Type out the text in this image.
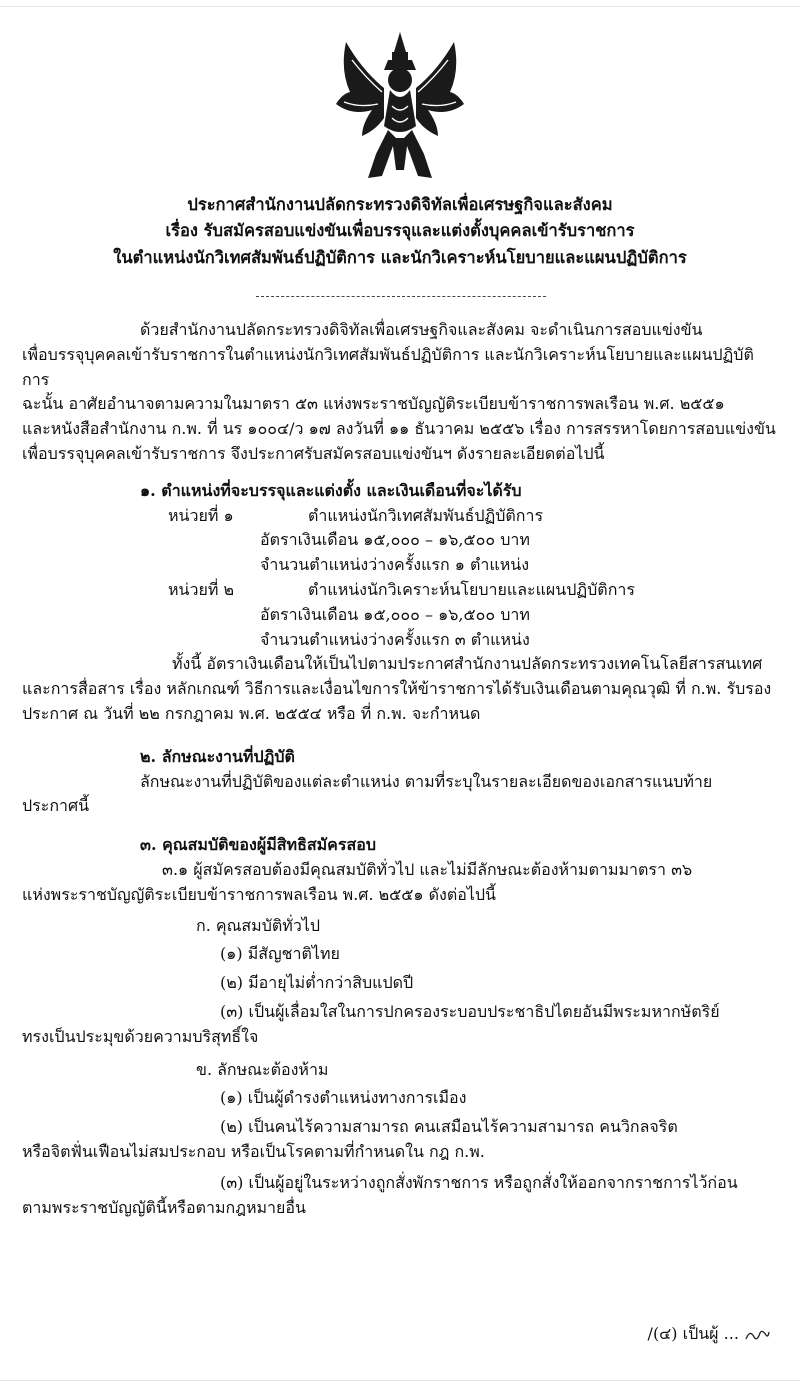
ประกาศสำนักงานปลัดกระทรวงดิจิทัลเพื่อเศรษฐกิจและสังคม
เรื่อง รับสมัครสอบแข่งขันเพื่อบรรจุและแต่งตั้งบุคคลเข้ารับราชการ
ในตำแหน่งนักวิเทศสัมพันธ์ปฏิบัติการ และนักวิเคราะห์นโยบายและแผนปฏิบัติการ

ด้วยสำนักงานปลัดกระทรวงดิจิทัลเพื่อเศรษฐกิจและสังคม จะดำเนินการสอบแข่งขัน

เพื่อบรรจุบุคคลเข้ารับราชการในตำแหน่งนักวิเทศสัมพันธ์ปฏิบัติการ และนักวิเคราะห์นโยบายและแผนปฏิบัติการ

ฉะนั้น อาศัยอำนาจตามความในมาตรา ๕๓ แห่งพระราชบัญญัติระเบียบข้าราชการพลเรือน พ.ศ. ๒๕๕๑

และหนังสือสำนักงาน ก.พ. ที่ นร ๑๐๐๔/ว ๑๗ ลงวันที่ ๑๑ ธันวาคม ๒๕๕๖ เรื่อง การสรรหาโดยการสอบแข่งขัน

เพื่อบรรจุบุคคลเข้ารับราชการ จึงประกาศรับสมัครสอบแข่งขันฯ ดังรายละเอียดต่อไปนี้

๑. ตำแหน่งที่จะบรรจุและแต่งตั้ง และเงินเดือนที่จะได้รับ

หน่วยที่ ๑	ตำแหน่งนักวิเทศสัมพันธ์ปฏิบัติการ

อัตราเงินเดือน ๑๕,๐๐๐ – ๑๖,๕๐๐ บาท

จำนวนตำแหน่งว่างครั้งแรก ๑ ตำแหน่ง

หน่วยที่ ๒	ตำแหน่งนักวิเคราะห์นโยบายและแผนปฏิบัติการ

อัตราเงินเดือน ๑๕,๐๐๐ – ๑๖,๕๐๐ บาท

จำนวนตำแหน่งว่างครั้งแรก ๓ ตำแหน่ง

ทั้งนี้ อัตราเงินเดือนให้เป็นไปตามประกาศสำนักงานปลัดกระทรวงเทคโนโลยีสารสนเทศ

และการสื่อสาร เรื่อง หลักเกณฑ์ วิธีการและเงื่อนไขการให้ข้าราชการได้รับเงินเดือนตามคุณวุฒิ ที่ ก.พ. รับรอง

ประกาศ ณ วันที่ ๒๒ กรกฎาคม พ.ศ. ๒๕๕๔ หรือ ที่ ก.พ. จะกำหนด

๒. ลักษณะงานที่ปฏิบัติ

ลักษณะงานที่ปฏิบัติของแต่ละตำแหน่ง ตามที่ระบุในรายละเอียดของเอกสารแนบท้าย

ประกาศนี้

๓. คุณสมบัติของผู้มีสิทธิสมัครสอบ

๓.๑ ผู้สมัครสอบต้องมีคุณสมบัติทั่วไป และไม่มีลักษณะต้องห้ามตามมาตรา ๓๖

แห่งพระราชบัญญัติระเบียบข้าราชการพลเรือน พ.ศ. ๒๕๕๑ ดังต่อไปนี้

ก. คุณสมบัติทั่วไป

(๑) มีสัญชาติไทย

(๒) มีอายุไม่ต่ำกว่าสิบแปดปี

(๓) เป็นผู้เลื่อมใสในการปกครองระบอบประชาธิปไตยอันมีพระมหากษัตริย์

ทรงเป็นประมุขด้วยความบริสุทธิ์ใจ

ข. ลักษณะต้องห้าม

(๑) เป็นผู้ดำรงตำแหน่งทางการเมือง

(๒) เป็นคนไร้ความสามารถ คนเสมือนไร้ความสามารถ คนวิกลจริต

หรือจิตฟั่นเฟือนไม่สมประกอบ หรือเป็นโรคตามที่กำหนดใน กฎ ก.พ.

(๓) เป็นผู้อยู่ในระหว่างถูกสั่งพักราชการ หรือถูกสั่งให้ออกจากราชการไว้ก่อน

ตามพระราชบัญญัตินี้หรือตามกฎหมายอื่น

/(๔) เป็นผู้ ...
